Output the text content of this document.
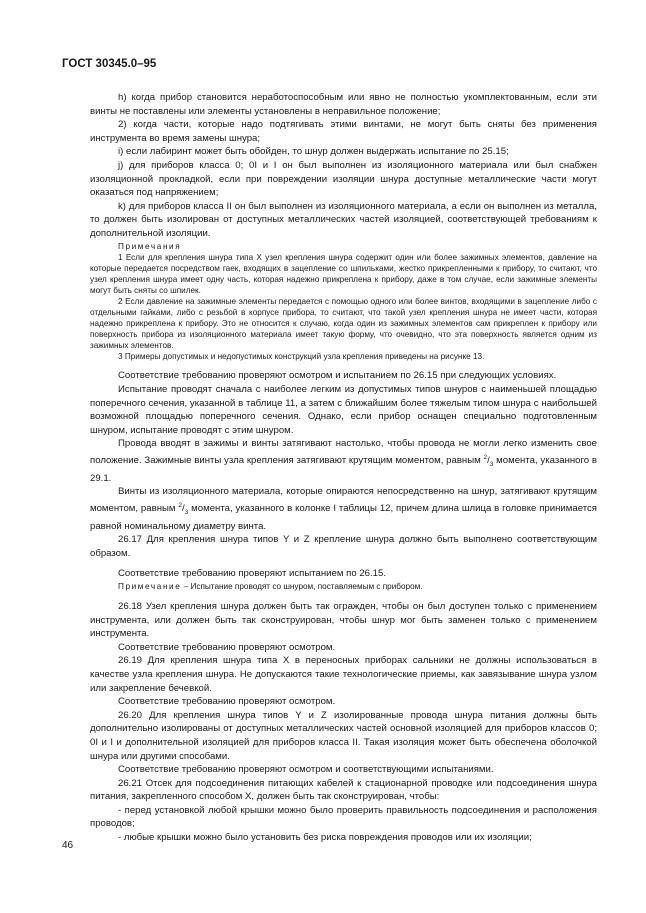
ГОСТ 30345.0–95

h) когда прибор становится неработоспособным или явно не полностью укомплектованным, если эти винты не поставлены или элементы установлены в неправильное положение;

2) когда части, которые надо подтягивать этими винтами, не могут быть сняты без применения инструмента во время замены шнура;

i) если лабиринт может быть обойден, то шнур должен выдержать испытание по 25.15;

j) для приборов класса 0; 0I и I он был выполнен из изоляционного материала или был снабжен изоляционной прокладкой, если при повреждении изоляции шнура доступные металлические части могут оказаться под напряжением;

k) для приборов класса II он был выполнен из изоляционного материала, а если он выполнен из металла, то должен быть изолирован от доступных металлических частей изоляцией, соответствующей требованиям к дополнительной изоляции.

Примечания

1 Если для крепления шнура типа X узел крепления шнура содержит один или более зажимных элементов, давление на которые передается посредством гаек, входящих в зацепление со шпильками, жестко прикрепленными к прибору, то считают, что узел крепления шнура имеет одну часть, которая надежно прикреплена к прибору, даже в том случае, если зажимные элементы могут быть сняты со шпилек.

2 Если давление на зажимные элементы передается с помощью одного или более винтов, входящими в зацепление либо с отдельными гайками, либо с резьбой в корпусе прибора, то считают, что такой узел крепления шнура не имеет части, которая надежно прикреплена к прибору. Это не относится к случаю, когда один из зажимных элементов сам прикреплен к прибору или поверхность прибора из изоляционного материала имеет такую форму, что очевидно, что эта поверхность является одним из зажимных элементов.

3 Примеры допустимых и недопустимых конструкций узла крепления приведены на рисунке 13.

Соответствие требованию проверяют осмотром и испытанием по 26.15 при следующих условиях.

Испытание проводят сначала с наиболее легким из допустимых типов шнуров с наименьшей площадью поперечного сечения, указанной в таблице 11, а затем с ближайшим более тяжелым типом шнура с наибольшей возможной площадью поперечного сечения. Однако, если прибор оснащен специально подготовленным шнуром, испытание проводят с этим шнуром.

Провода вводят в зажимы и винты затягивают настолько, чтобы провода не могли легко изменить свое положение. Зажимные винты узла крепления затягивают крутящим моментом, равным $^2/_3$ момента, указанного в 29.1.

Винты из изоляционного материала, которые опираются непосредственно на шнур, затягивают крутящим моментом, равным $^2/_3$ момента, указанного в колонке I таблицы 12, причем длина шлица в головке принимается равной номинальному диаметру винта.

26.17 Для крепления шнура типов Y и Z крепление шнура должно быть выполнено соответствующим образом.

Соответствие требованию проверяют испытанием по 26.15.

Примечание – Испытание проводят со шнуром, поставляемым с прибором.

26.18 Узел крепления шнура должен быть так огражден, чтобы он был доступен только с применением инструмента, или должен быть так сконструирован, чтобы шнур мог быть заменен только с применением инструмента.

Соответствие требованию проверяют осмотром.

26.19 Для крепления шнура типа X в переносных приборах сальники не должны использоваться в качестве узла крепления шнура. Не допускаются такие технологические приемы, как завязывание шнура узлом или закрепление бечевкой.

Соответствие требованию проверяют осмотром.

26.20 Для крепления шнура типов Y и Z изолированные провода шнура питания должны быть дополнительно изолированы от доступных металлических частей основной изоляцией для приборов классов 0; 0I и I и дополнительной изоляцией для приборов класса II. Такая изоляция может быть обеспечена оболочкой шнура или другими способами.

Соответствие требованию проверяют осмотром и соответствующими испытаниями.

26.21 Отсек для подсоединения питающих кабелей к стационарной проводке или подсоединения шнура питания, закрепленного способом X, должен быть так сконструирован, чтобы:

- перед установкой любой крышки можно было проверить правильность подсоединения и расположения проводов;

- любые крышки можно было установить без риска повреждения проводов или их изоляции;

46
